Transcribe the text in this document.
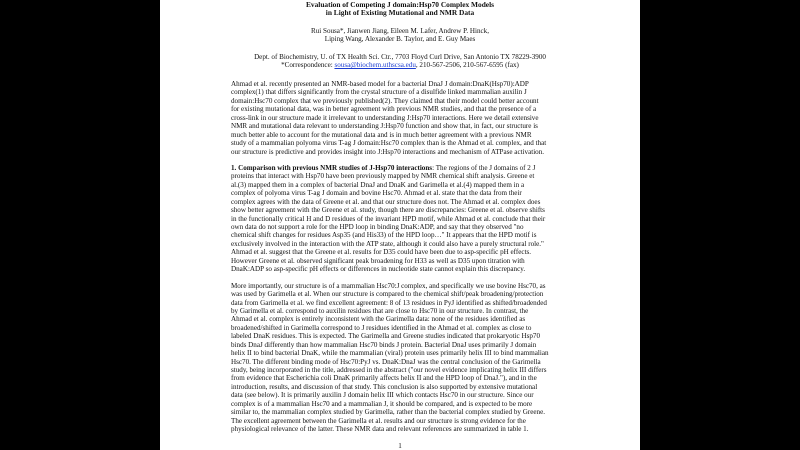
Evaluation of Competing J domain:Hsp70 Complex Models
in Light of Existing Mutational and NMR Data
Rui Sousa*, Jianwen Jiang, Eileen M. Lafer, Andrew P. Hinck,
Liping Wang, Alexander B. Taylor, and E. Guy Maes
Dept. of Biochemistry, U. of TX Health Sci. Ctr., 7703 Floyd Curl Drive, San Antonio TX 78229-3900
*Correspondence: sousa@biochem.uthscsa.edu, 210-567-2506, 210-567-6595 (fax)
Ahmad et al. recently presented an NMR-based model for a bacterial DnaJ J domain:DnaK(Hsp70):ADP
complex(1) that differs significantly from the crystal structure of a disulfide linked mammalian auxilin J
domain:Hsc70 complex that we previously published(2). They claimed that their model could better account
for existing mutational data, was in better agreement with previous NMR studies, and that the presence of a
cross-link in our structure made it irrelevant to understanding J:Hsp70 interactions. Here we detail extensive
NMR and mutational data relevant to understanding J:Hsp70 function and show that, in fact, our structure is
much better able to account for the mutational data and is in much better agreement with a previous NMR
study of a mammalian polyoma virus T-ag J domain:Hsc70 complex than is the Ahmad et al. complex, and that
our structure is predictive and provides insight into J:Hsp70 interactions and mechanism of ATPase activation.
1. Comparison with previous NMR studies of J-Hsp70 interactions: The regions of the J domains of 2 J
proteins that interact with Hsp70 have been previously mapped by NMR chemical shift analysis. Greene et
al.(3) mapped them in a complex of bacterial DnaJ and DnaK and Garimella et al.(4) mapped them in a
complex of polyoma virus T-ag J domain and bovine Hsc70. Ahmad et al. state that the data from their
complex agrees with the data of Greene et al. and that our structure does not. The Ahmad et al. complex does
show better agreement with the Greene et al. study, though there are discrepancies: Greene et al. observe shifts
in the functionally critical H and D residues of the invariant HPD motif, while Ahmad et al. conclude that their
own data do not support a role for the HPD loop in binding DnaK:ADP, and say that they observed "no
chemical shift changes for residues Asp35 (and His33) of the HPD loop…" It appears that the HPD motif is
exclusively involved in the interaction with the ATP state, although it could also have a purely structural role."
Ahmad et al. suggest that the Greene et al. results for D35 could have been due to asp-specific pH effects.
However Greene et al. observed significant peak broadening for H33 as well as D35 upon titration with
DnaK:ADP so asp-specific pH effects or differences in nucleotide state cannot explain this discrepancy.
More importantly, our structure is of a mammalian Hsc70:J complex, and specifically we use bovine Hsc70, as
was used by Garimella et al. When our structure is compared to the chemical shift/peak broadening/protection
data from Garimella et al. we find excellent agreement: 8 of 13 residues in PyJ identified as shifted/broadended
by Garimella et al. correspond to auxilin residues that are close to Hsc70 in our structure. In contrast, the
Ahmad et al. complex is entirely inconsistent with the Garimella data: none of the residues identified as
broadened/shifted in Garimella correspond to J residues identified in the Ahmad et al. complex as close to
labeled DnaK residues. This is expected. The Garimella and Greene studies indicated that prokaryotic Hsp70
binds DnaJ differently than how mammalian Hsc70 binds J protein. Bacterial DnaJ uses primarily J domain
helix II to bind bacterial DnaK, while the mammalian (viral) protein uses primarily helix III to bind mammalian
Hsc70. The different binding mode of Hsc70:PyJ vs. DnaK:DnaJ was the central conclusion of the Garimella
study, being incorporated in the title, addressed in the abstract ("our novel evidence implicating helix III differs
from evidence that Escherichia coli DnaK primarily affects helix II and the HPD loop of DnaJ."), and in the
introduction, results, and discussion of that study. This conclusion is also supported by extensive mutational
data (see below). It is primarily auxilin J domain helix III which contacts Hsc70 in our structure. Since our
complex is of a mammalian Hsc70 and a mammalian J, it should be compared, and is expected to be more
similar to, the mammalian complex studied by Garimella, rather than the bacterial complex studied by Greene.
The excellent agreement between the Garimella et al. results and our structure is strong evidence for the
physiological relevance of the latter. These NMR data and relevant references are summarized in table 1.
1
